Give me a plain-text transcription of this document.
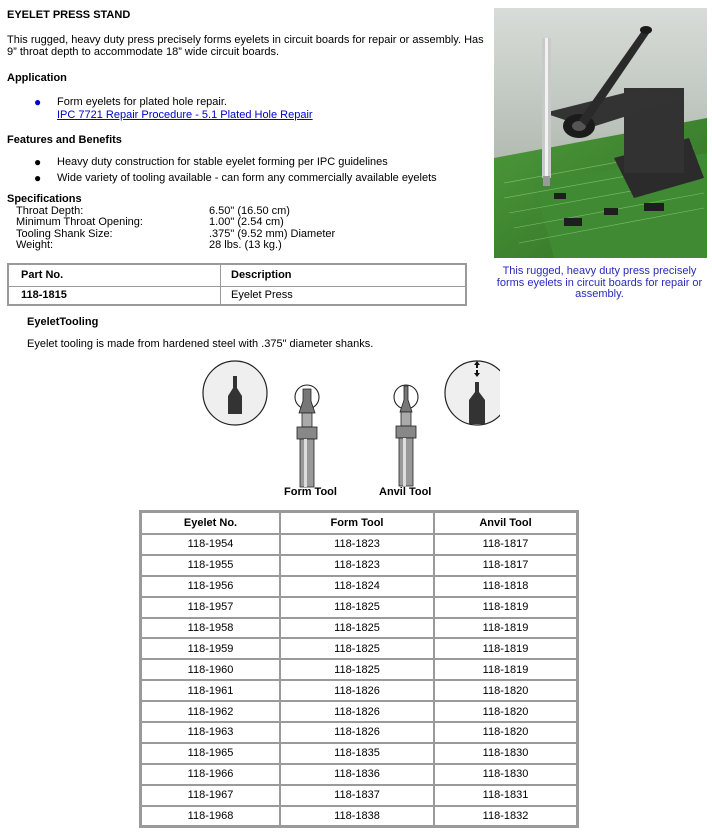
EYELET PRESS STAND
This rugged, heavy duty press precisely forms eyelets in circuit boards for repair or assembly. Has 9” throat depth to accommodate 18” wide circuit boards.
Application
● Form eyelets for plated hole repair.
IPC 7721 Repair Procedure - 5.1 Plated Hole Repair
Features and Benefits
● Heavy duty construction for stable eyelet forming per IPC guidelines
● Wide variety of tooling available - can form any commercially available eyelets
Specifications
Throat Depth:	6.50" (16.50 cm)
Minimum Throat Opening:	1.00" (2.54 cm)
Tooling Shank Size:	.375" (9.52 mm) Diameter
Weight:	28 lbs. (13 kg.)
Part No.	Description
118-1815	Eyelet Press
This rugged, heavy duty press precisely forms eyelets in circuit boards for repair or assembly.
EyeletTooling
Eyelet tooling is made from hardened steel with .375" diameter shanks.
Form Tool	Anvil Tool
Eyelet No.	Form Tool	Anvil Tool
118-1954	118-1823	118-1817
118-1955	118-1823	118-1817
118-1956	118-1824	118-1818
118-1957	118-1825	118-1819
118-1958	118-1825	118-1819
118-1959	118-1825	118-1819
118-1960	118-1825	118-1819
118-1961	118-1826	118-1820
118-1962	118-1826	118-1820
118-1963	118-1826	118-1820
118-1965	118-1835	118-1830
118-1966	118-1836	118-1830
118-1967	118-1837	118-1831
118-1968	118-1838	118-1832
